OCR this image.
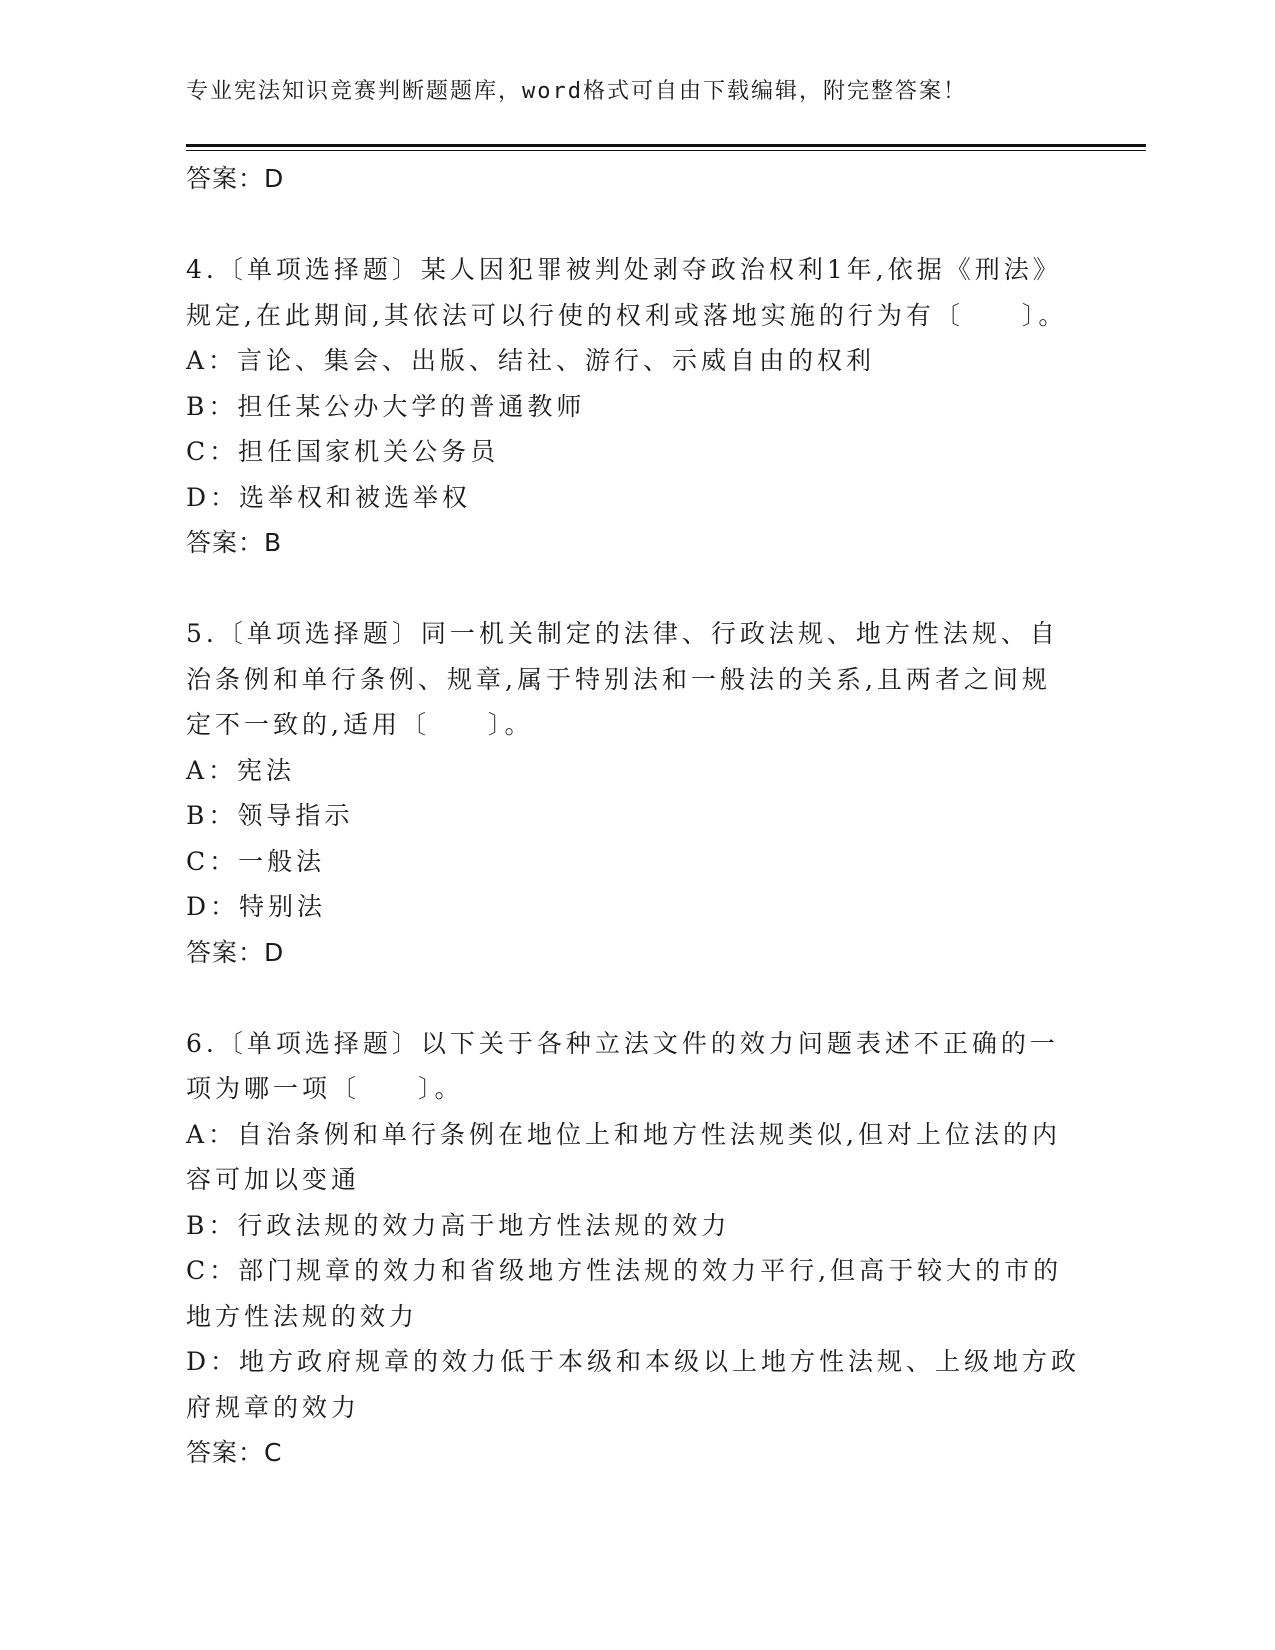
专业宪法知识竞赛判断题题库，word格式可自由下载编辑，附完整答案！
答案：D
4.〔单项选择题〕某人因犯罪被判处剥夺政治权利1年,依据《刑法》
规定,在此期间,其依法可以行使的权利或落地实施的行为有〔　　〕。
A：言论、集会、出版、结社、游行、示威自由的权利
B：担任某公办大学的普通教师
C：担任国家机关公务员
D：选举权和被选举权
答案：B
5.〔单项选择题〕同一机关制定的法律、行政法规、地方性法规、自
治条例和单行条例、规章,属于特别法和一般法的关系,且两者之间规
定不一致的,适用〔　　〕。
A：宪法
B：领导指示
C：一般法
D：特别法
答案：D
6.〔单项选择题〕以下关于各种立法文件的效力问题表述不正确的一
项为哪一项〔　　〕。
A：自治条例和单行条例在地位上和地方性法规类似,但对上位法的内
容可加以变通
B：行政法规的效力高于地方性法规的效力
C：部门规章的效力和省级地方性法规的效力平行,但高于较大的市的
地方性法规的效力
D：地方政府规章的效力低于本级和本级以上地方性法规、上级地方政
府规章的效力
答案：C
